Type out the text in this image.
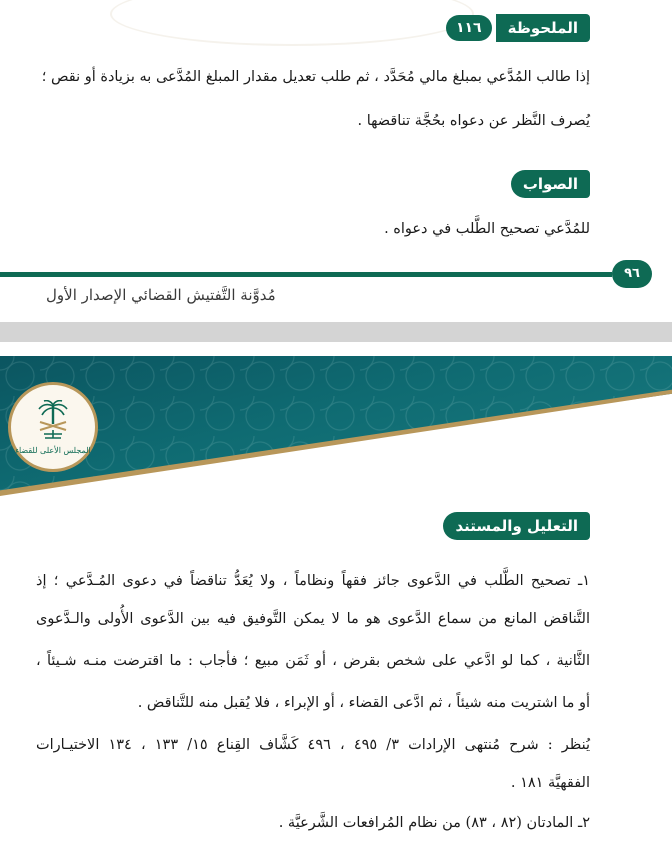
الملحوظة
١١٦
إذا طالب المُدَّعي بمبلغ مالي مُحَدَّد ، ثم طلب تعديل مقدار المبلغ المُدَّعى به بزيادة أو نقص ؛
يُصرف النَّظر عن دعواه بحُجَّة تناقضها .
الصواب
للمُدَّعي تصحيح الطَّلب في دعواه .
٩٦
مُدوَّنة التَّفتيش القضائي الإصدار الأول
المجلس الأعلى للقضاء
التعليل والمستند
١ـ تصحيح الطَّلب في الدَّعوى جائز فقهاً ونظاماً ، ولا يُعَدُّ تناقضاً في دعوى المُـدَّعي ؛ إذ
التَّناقض المانع من سماع الدَّعوى هو ما لا يمكن التَّوفيق فيه بين الدَّعوى الأُولى والـدَّعوى
الثَّانية ، كما لو ادَّعي على شخص بقرض ، أو ثَمَن مبيع ؛ فأجاب : ما اقترضت منـه شـيئاً ،
أو ما اشتريت منه شيئاً ، ثم ادَّعى القضاء ، أو الإبراء ، فلا يُقبل منه للتَّناقض .
يُنظر : شرح مُنتهى الإرادات ٣/ ٤٩٥ ، ٤٩٦ كَشَّاف القِناع ١٥/ ١٣٣ ، ١٣٤ الاختيـارات
الفقهيَّة ١٨١ .
٢ـ المادتان (٨٢ ، ٨٣) من نظام المُرافعات الشَّرعيَّة .
